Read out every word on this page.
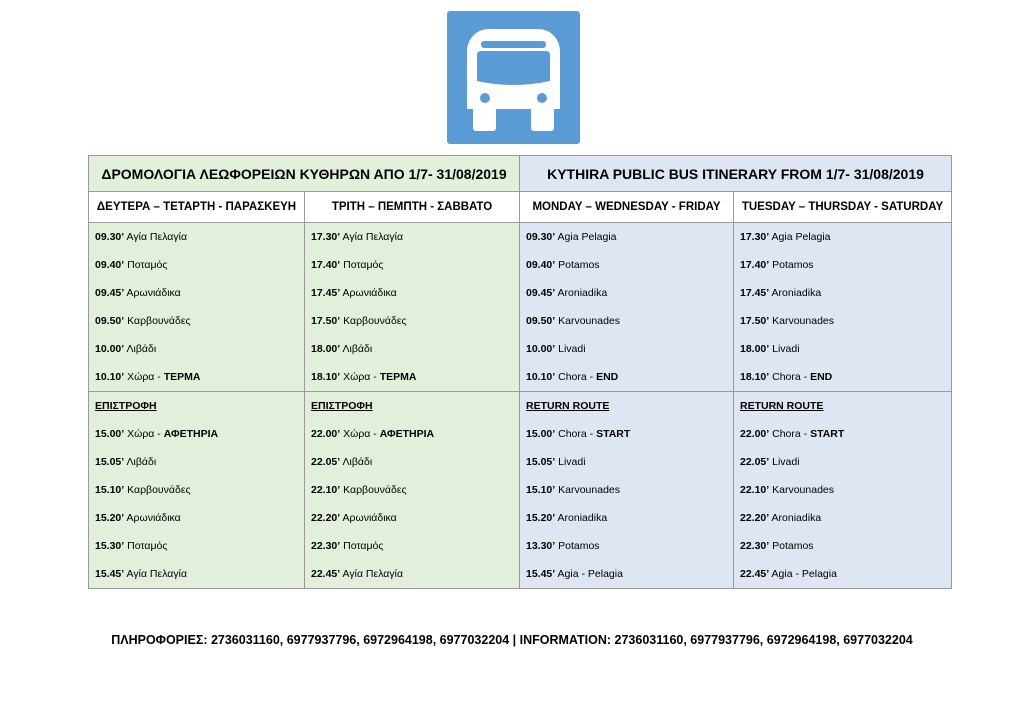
ΔΡΟΜΟΛΟΓΙΑ ΛΕΩΦΟΡΕΙΩΝ ΚΥΘΗΡΩΝ ΑΠΟ 1/7- 31/08/2019		KYTHIRA PUBLIC BUS ITINERARY FROM 1/7- 31/08/2019	
ΔΕΥΤΕΡΑ – ΤΕΤΑΡΤΗ - ΠΑΡΑΣΚΕΥΗ	ΤΡΙΤΗ – ΠΕΜΠΤΗ - ΣΑΒΒΑΤΟ	MONDAY – WEDNESDAY - FRIDAY	TUESDAY – THURSDAY - SATURDAY
09.30’ Αγία Πελαγία	17.30’ Αγία Πελαγία	09.30’ Agia Pelagia	17.30’ Agia Pelagia
09.40’ Ποταμός	17.40’ Ποταμός	09.40’ Potamos	17.40’ Potamos
09.45’ Αρωνιάδικα	17.45’ Αρωνιάδικα	09.45’ Aroniadika	17.45’ Aroniadika
09.50’ Καρβουνάδες	17.50’ Καρβουνάδες	09.50’ Karvounades	17.50’ Karvounades
10.00’ Λιβάδι	18.00’ Λιβάδι	10.00’ Livadi	18.00’ Livadi
10.10’ Χώρα - ΤΕΡΜΑ	18.10’ Χώρα - ΤΕΡΜΑ	10.10’ Chora - END	18.10’ Chora - END
ΕΠΙΣΤΡΟΦΗ	ΕΠΙΣΤΡΟΦΗ	RETURN ROUTE	RETURN ROUTE
15.00’ Χώρα - ΑΦΕΤΗΡΙΑ	22.00’ Χώρα - ΑΦΕΤΗΡΙΑ	15.00’ Chora - START	22.00’ Chora - START
15.05’ Λιβάδι	22.05’ Λιβάδι	15.05’ Livadi	22.05’ Livadi
15.10’ Καρβουνάδες	22.10’ Καρβουνάδες	15.10’ Karvounades	22.10’ Karvounades
15.20’ Αρωνιάδικα	22.20’ Αρωνιάδικα	15.20’ Aroniadika	22.20’ Aroniadika
15.30’ Ποταμός	22.30’ Ποταμός	13.30’ Potamos	22.30’ Potamos
15.45’ Αγία Πελαγία	22.45’ Αγία Πελαγία	15.45’ Agia - Pelagia	22.45’ Agia - Pelagia
ΠΛΗΡΟΦΟΡΙΕΣ: 2736031160, 6977937796, 6972964198, 6977032204 | INFORMATION: 2736031160, 6977937796, 6972964198, 6977032204
